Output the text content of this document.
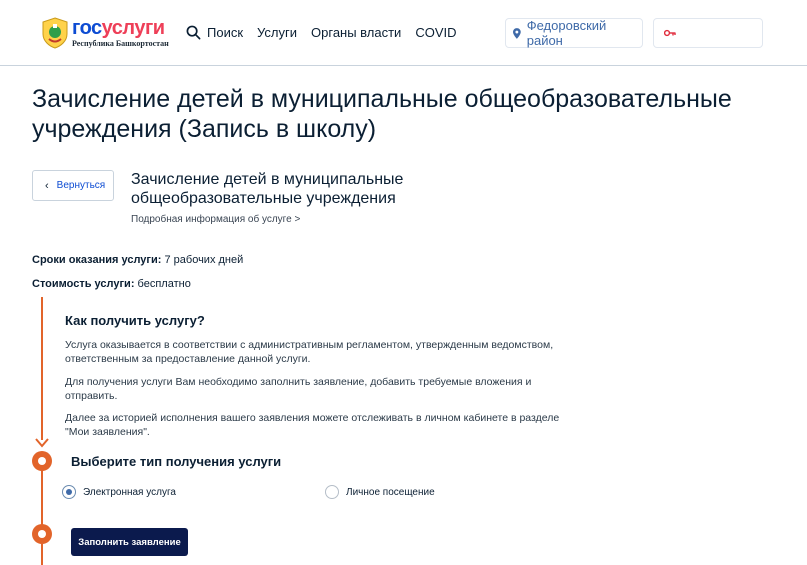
госуслуги
Республика Башкортостан
Поиск Услуги Органы власти COVID	Федоровский район
Зачисление детей в муниципальные общеобразовательные учреждения (Запись в школу)
‹ Вернуться Зачисление детей в муниципальные общеобразовательные учреждения
Подробная информация об услуге >
Сроки оказания услуги: 7 рабочих дней
Стоимость услуги: бесплатно
Как получить услугу?

Услуга оказывается в соответствии с административным регламентом, утвержденным ведомством, ответственным за предоставление данной услуги.

Для получения услуги Вам необходимо заполнить заявление, добавить требуемые вложения и отправить.

Далее за историей исполнения вашего заявления можете отслеживать в личном кабинете в разделе "Мои заявления".

Выберите тип получения услуги
Электронная услуга	Личное посещение
Заполнить заявление
